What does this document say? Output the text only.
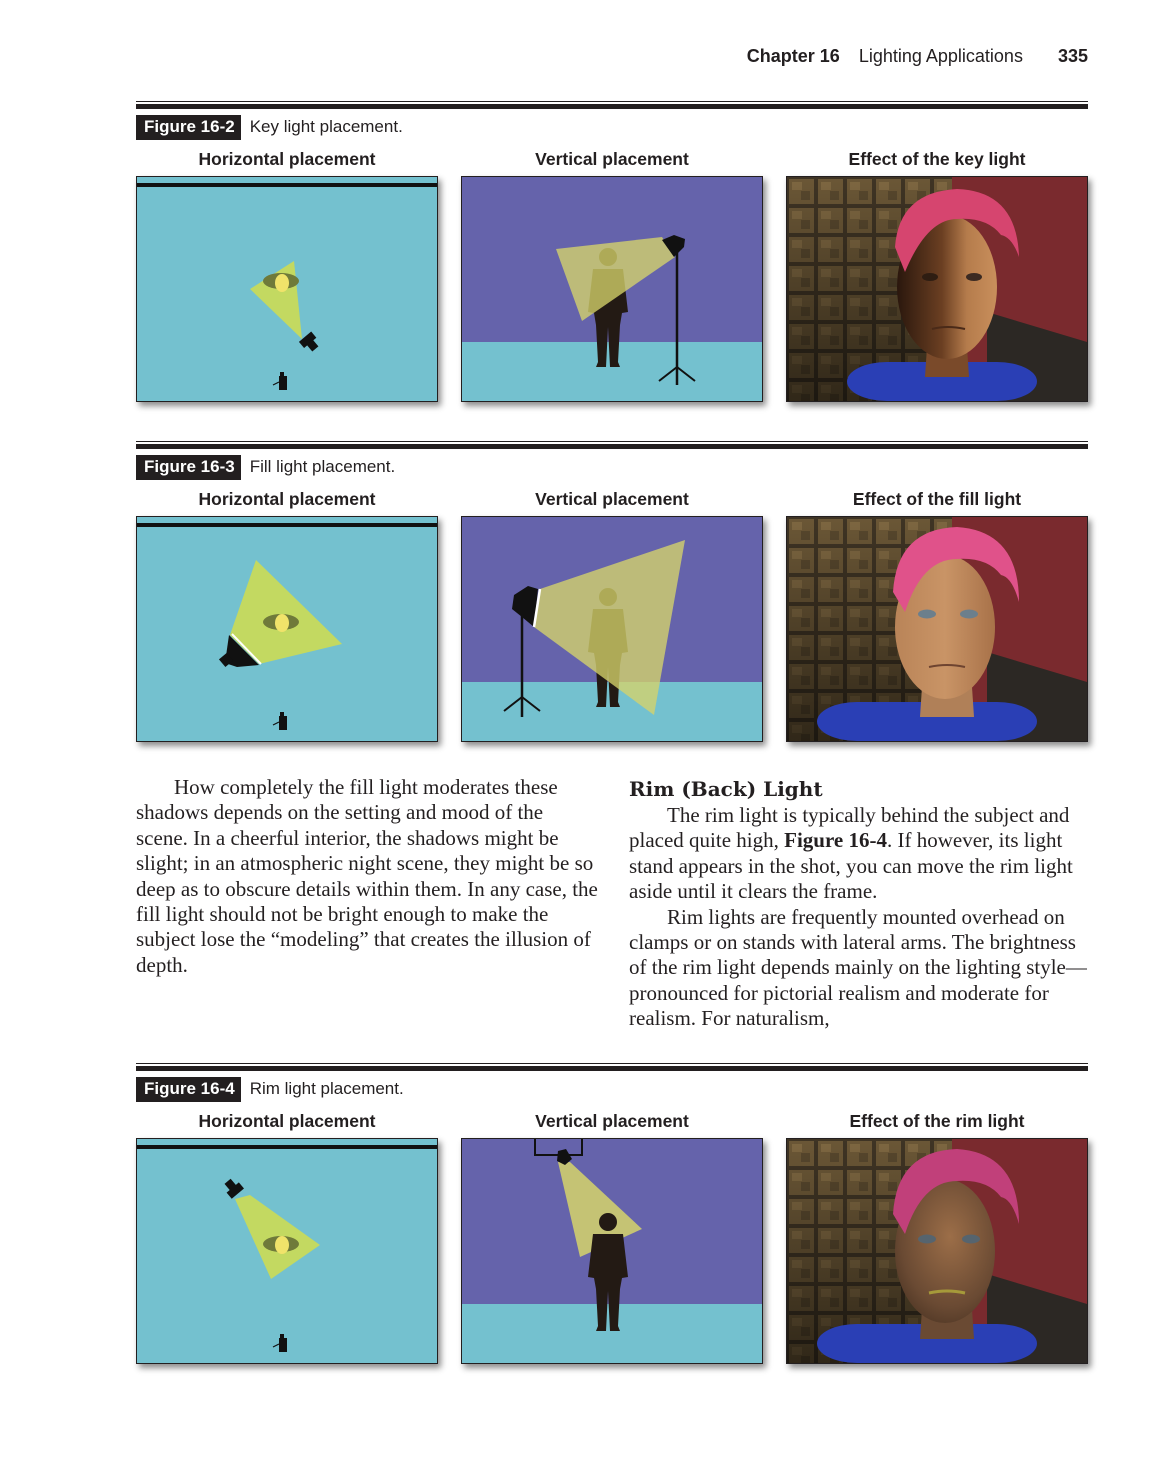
Chapter 16 Lighting Applications 335
Figure 16-2 Key light placement.
Horizontal placement	Vertical placement	Effect of the key light
Figure 16-3 Fill light placement.
Horizontal placement	Vertical placement	Effect of the fill light

How completely the fill light moderates these shadows depends on the setting and mood of the scene. In a cheerful interior, the shadows might be slight; in an atmospheric night scene, they might be so deep as to obscure details within them. In any case, the fill light should not be bright enough to make the subject lose the “modeling” that creates the illusion of depth.

Rim (Back) Light

The rim light is typically behind the subject and placed quite high, Figure 16-4. If however, its light stand appears in the shot, you can move the rim light aside until it clears the frame.

Rim lights are frequently mounted overhead on clamps or on stands with lateral arms. The brightness of the rim light depends mainly on the lighting style—pronounced for pictorial realism and moderate for realism. For naturalism,

Figure 16-4 Rim light placement.
Horizontal placement	Vertical placement	Effect of the rim light
